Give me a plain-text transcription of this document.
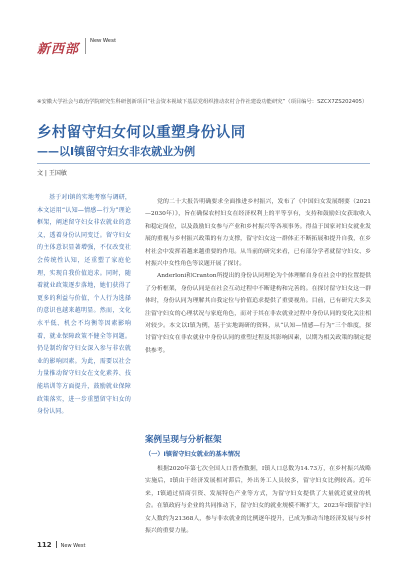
新西部
New West
※安徽大学社会与政治学院研究生科研创新项目“社会资本视域下基层党组织推动农村合作社建设功能研究”（项目编号：SZCX7ZS202405）
乡村留守妇女何以重塑身份认同
——以I镇留守妇女非农就业为例
文 | 王国敏
基于对I镇的实地考察与调研，本文运用“认知—情感—行为”理论框架，阐述留守妇女非农就业的意义，透着身份认同变迁。留守妇女的主体意识显著增强，不仅改变社会传统性认知，还重塑了家庭伦理，实现自我价值追求。同时，随着就业政策逐步落地，她们获得了更多的利益与价值，个人行为选择的意识也越来越明显。然而，文化水平低、机会不均衡等因素影响着，就业保障政策不健全等问题。仍是制约留守妇女深入参与非农就业的影响因素。为此，需要以社会力量推动留守妇女在文化素养、技能培训等方面提升，鼓励就业保障政策落实，进一步重塑留守妇女的身份认同。
党的二十大报告明确要求全面推进乡村振兴，发布了《中国妇女发展纲要（2021—2030年）》，旨在确保农村妇女在经济权利上的平等享有，支持和鼓励妇女获取收入和稳定岗位，以及鼓励妇女参与产业和乡村振兴等各项事务。得益于国家对妇女就业发展的重视与乡村振兴政策的有力支撑，留守妇女这一群体正不断拓展和提升自我，在乡村社会中发挥着越来越重要的作用。从当前的研究来看，已有部分学者就留守妇女、乡村振兴中女性角色等议题开展了探讨。
Anderloni和Cranton所提出的身份认同理论为个体理解自身在社会中的位置提供了分析框架，身份认同是在社会互动过程中不断建构和完善的。在探讨留守妇女这一群体时，身份认同为理解其自我定位与价值追求提供了重要视角。目前，已有研究大多关注留守妇女的心理状况与家庭角色，而对于其在非农就业过程中身份认同的变化关注相对较少。本文以I镇为例，基于实地调研的资料，从“认知—情感—行为”三个维度，探讨留守妇女在非农就业中身份认同的重塑过程及其影响因素，以期为相关政策的制定提供参考。
案例呈现与分析框架
（一）I镇留守妇女就业的基本情况
根据2020年第七次全国人口普查数据，I镇人口总数为14.73万，在乡村振兴战略实施后，I镇由于经济发展相对滞后，外出务工人员较多，留守妇女比例较高。近年来，I镇通过招商引资、发展特色产业等方式，为留守妇女提供了大量就近就业的机会。在镇政府与企业的共同推动下，留守妇女的就业规模不断扩大，2023年I镇留守妇女人数约为21368人，参与非农就业的比例逐年提升，已成为推动当地经济发展与乡村振兴的重要力量。
112 New West
